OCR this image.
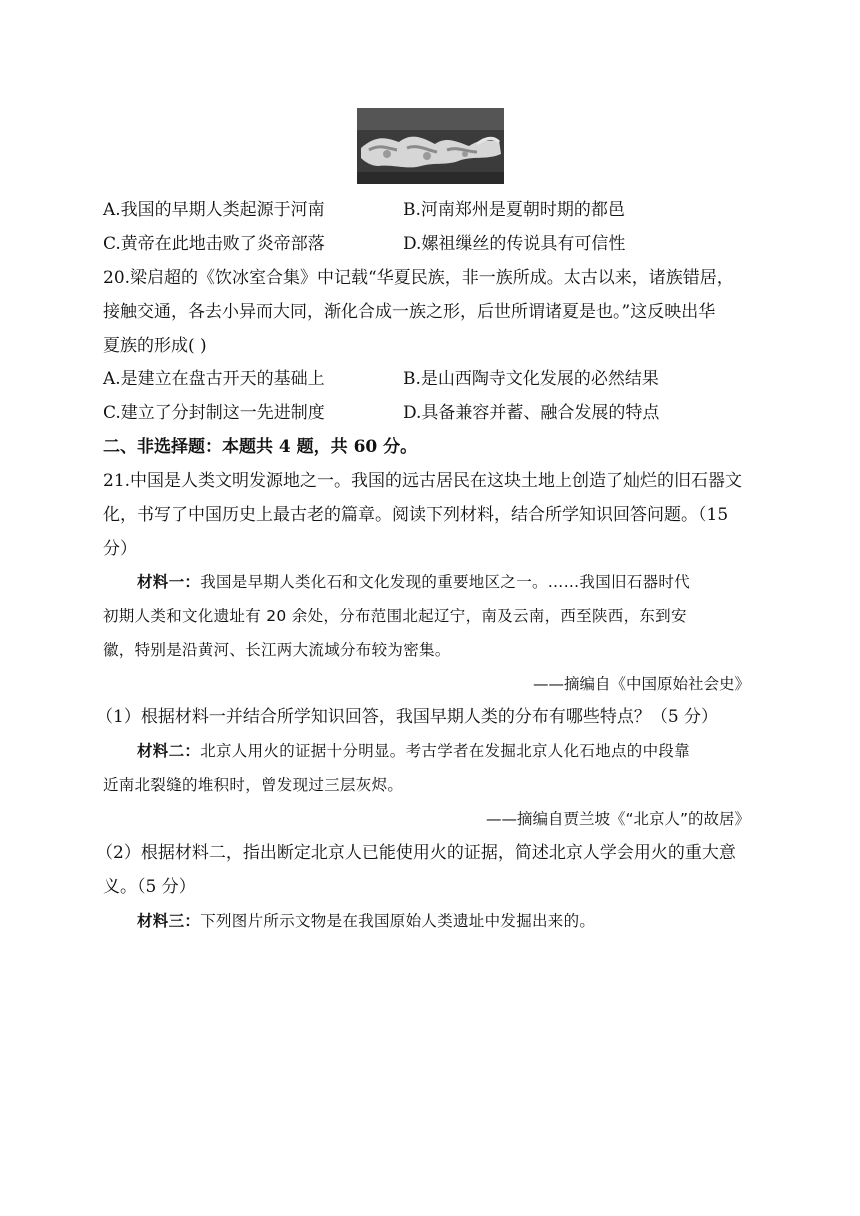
A.我国的早期人类起源于河南	B.河南郑州是夏朝时期的都邑
C.黄帝在此地击败了炎帝部落	D.嫘祖缫丝的传说具有可信性
20.梁启超的《饮冰室合集》中记载“华夏民族，非一族所成。太古以来，诸族错居，
接触交通，各去小异而大同，渐化合成一族之形，后世所谓诸夏是也。”这反映出华
夏族的形成( )
A.是建立在盘古开天的基础上	B.是山西陶寺文化发展的必然结果
C.建立了分封制这一先进制度	D.具备兼容并蓄、融合发展的特点
二、非选择题：本题共 4 题，共 60 分。
21.中国是人类文明发源地之一。我国的远古居民在这块土地上创造了灿烂的旧石器文
化，书写了中国历史上最古老的篇章。阅读下列材料，结合所学知识回答问题。（15
分）
材料一：我国是早期人类化石和文化发现的重要地区之一。……我国旧石器时代
初期人类和文化遗址有 20 余处，分布范围北起辽宁，南及云南，西至陕西，东到安
徽，特别是沿黄河、长江两大流域分布较为密集。
——摘编自《中国原始社会史》
（1）根据材料一并结合所学知识回答，我国早期人类的分布有哪些特点？（5 分）
材料二：北京人用火的证据十分明显。考古学者在发掘北京人化石地点的中段靠
近南北裂缝的堆积时，曾发现过三层灰烬。
——摘编自贾兰坡《“北京人”的故居》
（2）根据材料二，指出断定北京人已能使用火的证据，简述北京人学会用火的重大意
义。（5 分）
材料三：下列图片所示文物是在我国原始人类遗址中发掘出来的。
